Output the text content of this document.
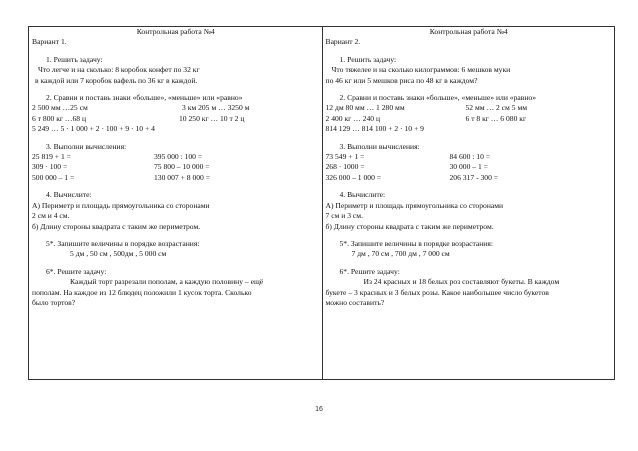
Контрольная работа №4
Вариант 1.
1. Решить задачу:
Что легче и на сколько: 8 коробок конфет по 32 кг
в каждой или 7 коробок вафель по 36 кг в каждой.
2. Сравни и поставь знаки «больше», «меньше» или «равно»
2 500 мм …25 см	3 км 205 м … 3250 м
6 т 800 кг …68 ц	10 250 кг … 10 т 2 ц
5 249 … 5 · 1 000 + 2 · 100 + 9 · 10 + 4
3. Выполни вычисления:
25 819 + 1 =	395 000 : 100 =
309 · 100 =	75 800 – 10 000 =
500 000 – 1 =	130 007 + 8 000 =
4. Вычислите:
А) Периметр и площадь прямоугольника со сторонами
2 см и 4 см.
б) Длину стороны квадрата с таким же периметром.
5*. Запишите величины в порядке возрастания:
5 дм , 50 см , 500дм , 5 000 см
6*. Решите задачу:
Каждый торт разрезали пополам, а каждую половину – ещё
пополам. На каждое из 12 блюдец положили 1 кусок торта. Сколько
было тортов?
Контрольная работа №4
Вариант 2.
1. Решить задачу:
Что тяжелее и на сколько килограммов: 6 мешков муки
по 46 кг или 5 мешков риса по 48 кг в каждом?
2. Сравни и поставь знаки «больше», «меньше» или «равно»
12 дм 80 мм … 1 280 мм	52 мм … 2 см 5 мм
2 400 кг … 240 ц	6 т 8 кг … 6 080 кг
814 129 … 814 100 + 2 · 10 + 9
3. Выполни вычисления:
73 549 + 1 =	84 600 : 10 =
268 · 1000 =	30 000 – 1 =
326 000 – 1 000 =	206 317 - 300 =
4. Вычислите:
А) Периметр и площадь прямоугольника со сторонами
7 см и 3 см.
б) Длину стороны квадрата с таким же периметром.
5*. Запишите величины в порядке возрастания:
7 дм , 70 см , 700 дм , 7 000 см
6*. Решите задачу:
Из 24 красных и 18 белых роз составляют букеты. В каждом
букете – 3 красных и 3 белых розы. Какое наибольшее число букетов
можно составить?
16
